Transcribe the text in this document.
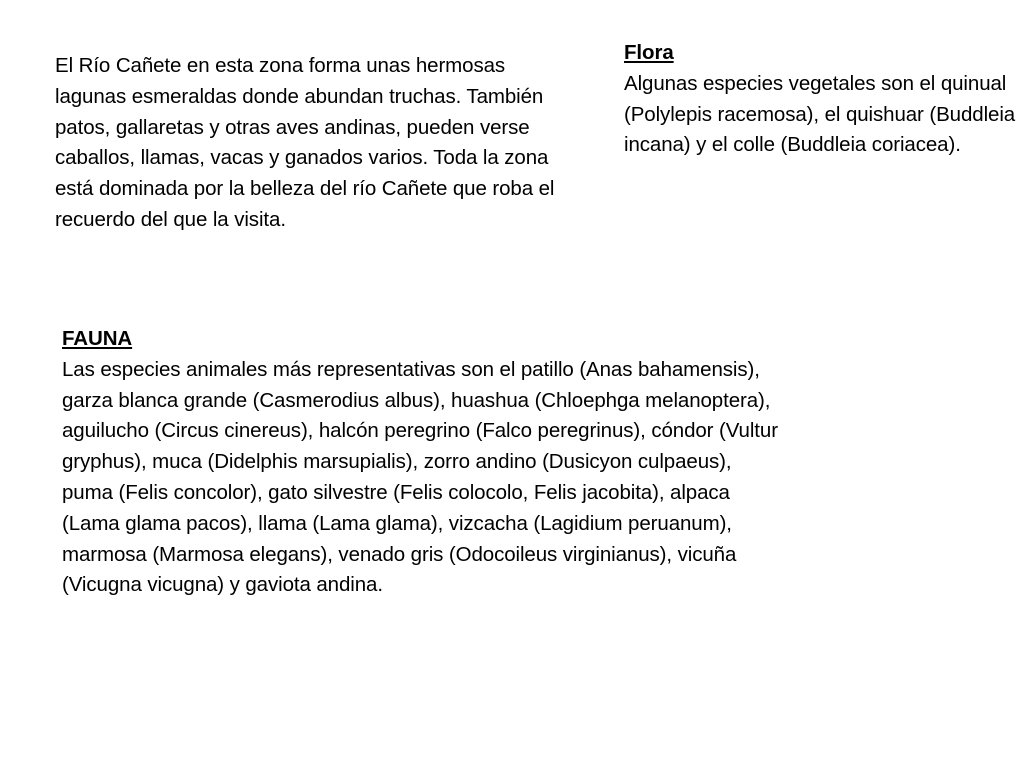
El Río Cañete en esta zona forma unas hermosas lagunas esmeraldas donde abundan truchas. También patos, gallaretas y otras aves andinas, pueden verse caballos, llamas, vacas y ganados varios. Toda la zona está dominada por la belleza del río Cañete que roba el recuerdo del que la visita.

Flora

Algunas especies vegetales son el quinual (Polylepis racemosa), el quishuar (Buddleia incana) y el colle (Buddleia coriacea).

FAUNA

Las especies animales más representativas son el patillo (Anas bahamensis), garza blanca grande (Casmerodius albus), huashua (Chloephga melanoptera), aguilucho (Circus cinereus), halcón peregrino (Falco peregrinus), cóndor (Vultur gryphus), muca (Didelphis marsupialis), zorro andino (Dusicyon culpaeus), puma (Felis concolor), gato silvestre (Felis colocolo, Felis jacobita), alpaca (Lama glama pacos), llama (Lama glama), vizcacha (Lagidium peruanum), marmosa (Marmosa elegans), venado gris (Odocoileus virginianus), vicuña (Vicugna vicugna) y gaviota andina.
